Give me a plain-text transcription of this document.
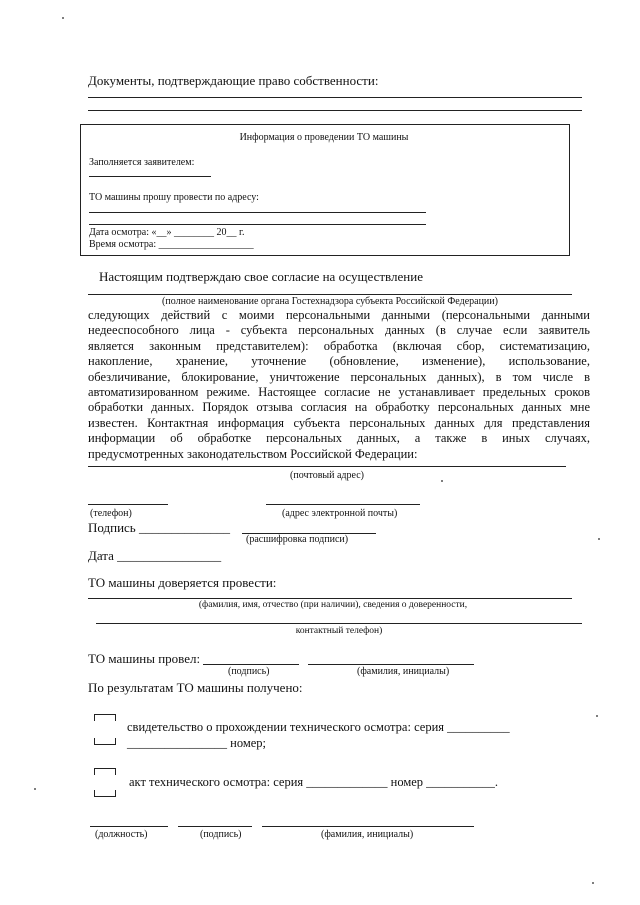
Документы, подтверждающие право собственности:
Информация о проведении ТО машины
Заполняется заявителем:
ТО машины прошу провести по адресу:
Дата осмотра: «__» ________ 20__ г.
Время осмотра: ___________________
Настоящим подтверждаю свое согласие на осуществление
(полное наименование органа Гостехнадзора субъекта Российской Федерации)
следующих действий с моими персональными данными (персональными данными
недееспособного лица - субъекта персональных данных (в случае если заявитель
является законным представителем): обработка (включая сбор, систематизацию,
накопление, хранение, уточнение (обновление, изменение), использование,
обезличивание, блокирование, уничтожение персональных данных), в том числе в
автоматизированном режиме. Настоящее согласие не устанавливает предельных сроков
обработки данных. Порядок отзыва согласия на обработку персональных данных мне
известен. Контактная информация субъекта персональных данных для представления
информации об обработке персональных данных, а также в иных случаях,
предусмотренных законодательством Российской Федерации:
(почтовый адрес)
(телефон)	(адрес электронной почты)
Подпись ______________
(расшифровка подписи)
Дата ________________
ТО машины доверяется провести:
(фамилия, имя, отчество (при наличии), сведения о доверенности,
контактный телефон)
ТО машины провел:
(подпись)	(фамилия, инициалы)
По результатам ТО машины получено:
свидетельство о прохождении технического осмотра: серия __________
________________ номер;
акт технического осмотра: серия _____________ номер ___________.
(должность)	(подпись)	(фамилия, инициалы)
